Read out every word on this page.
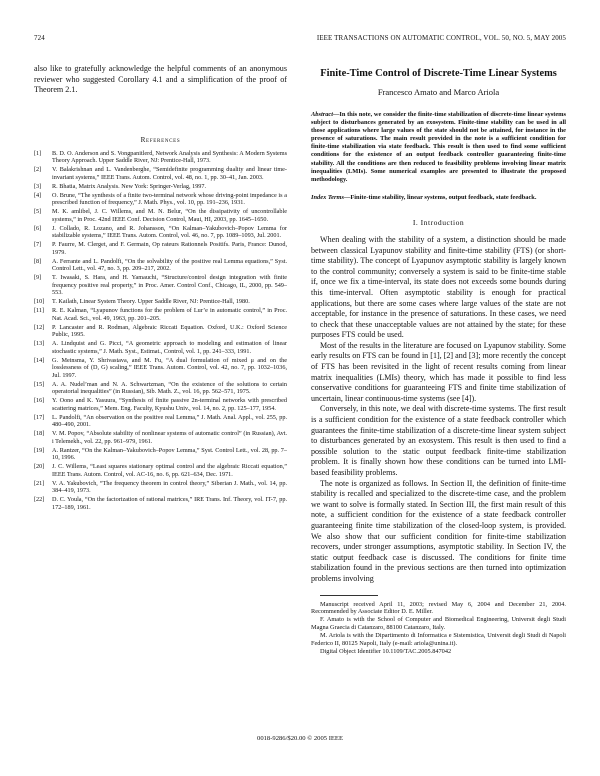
724	IEEE TRANSACTIONS ON AUTOMATIC CONTROL, VOL. 50, NO. 5, MAY 2005

also like to gratefully acknowledge the helpful comments of an anonymous reviewer who suggested Corollary 4.1 and a simplification of the proof of Theorem 2.1.

References

[1] B. D. O. Anderson and S. Vongpanitlerd, Network Analysis and Synthesis: A Modern Systems Theory Approach. Upper Saddle River, NJ: Prentice-Hall, 1973.

[2] V. Balakrishnan and L. Vandenberghe, “Semidefinite programming duality and linear time-invariant systems,” IEEE Trans. Autom. Control, vol. 48, no. 1, pp. 30–41, Jan. 2003.

[3] R. Bhatia, Matrix Analysis. New York: Springer-Verlag, 1997.

[4] O. Brune, “The synthesis of a finite two-terminal network whose driving-point impedance is a prescribed function of frequency,” J. Math. Phys., vol. 10, pp. 191–236, 1931.

[5] M. K. amlibel, J. C. Willems, and M. N. Belur, “On the dissipativity of uncontrollable systems,” in Proc. 42nd IEEE Conf. Decision Control, Maui, HI, 2003, pp. 1645–1650.

[6] J. Collado, R. Lozano, and R. Johansson, “On Kalman–Yakubovich–Popov Lemma for stabilizable systems,” IEEE Trans. Autom. Control, vol. 46, no. 7, pp. 1089–1093, Jul. 2001.

[7] P. Faurre, M. Clerget, and F. Germain, Op rateurs Rationnels Positifs. Paris, France: Dunod, 1979.

[8] A. Ferrante and L. Pandolfi, “On the solvability of the positive real Lemma equations,” Syst. Control Lett., vol. 47, no. 3, pp. 209–217, 2002.

[9] T. Iwasaki, S. Hara, and H. Yamauchi, “Structure/control design integration with finite frequency positive real property,” in Proc. Amer. Control Conf., Chicago, IL, 2000, pp. 549–553.

[10] T. Kailath, Linear System Theory. Upper Saddle River, NJ: Prentice-Hall, 1980.

[11] R. E. Kalman, “Lyapunov functions for the problem of Lur’e in automatic control,” in Proc. Nat. Acad. Sci., vol. 49, 1963, pp. 201–205.

[12] P. Lancaster and R. Rodman, Algebraic Riccati Equation. Oxford, U.K.: Oxford Science Public, 1995.

[13] A. Lindquist and G. Picci, “A geometric approach to modeling and estimation of linear stochastic systems,” J. Math. Syst., Estimat., Control, vol. 1, pp. 241–333, 1991.

[14] G. Meinsma, Y. Shrivastava, and M. Fu, “A dual formulation of mixed μ and on the losslessness of (D, G) scaling,” IEEE Trans. Autom. Control, vol. 42, no. 7, pp. 1032–1036, Jul. 1997.

[15] A. A. Nudel’man and N. A. Schwartzman, “On the existence of the solutions to certain operatorial inequalities” (in Russian), Sib. Math. Z., vol. 16, pp. 562–571, 1975.

[16] Y. Oono and K. Yasuura, “Synthesis of finite passive 2n-terminal networks with prescribed scattering matrices,” Mem. Eng. Faculty, Kyushu Univ., vol. 14, no. 2, pp. 125–177, 1954.

[17] L. Pandolfi, “An observation on the positive real Lemma,” J. Math. Anal. Appl., vol. 255, pp. 480–490, 2001.

[18] V. M. Popov, “Absolute stability of nonlinear systems of automatic control” (in Russian), Avt. i Telemekh., vol. 22, pp. 961–979, 1961.

[19] A. Rantzer, “On the Kalman–Yakubovich–Popov Lemma,” Syst. Control Lett., vol. 28, pp. 7–10, 1996.

[20] J. C. Willems, “Least squares stationary optimal control and the algebraic Riccati equation,” IEEE Trans. Autom. Control, vol. AC-16, no. 6, pp. 621–634, Dec. 1971.

[21] V. A. Yakubovich, “The frequency theorem in control theory,” Siberian J. Math., vol. 14, pp. 384–419, 1973.

[22] D. C. Youla, “On the factorization of rational matrices,” IRE Trans. Inf. Theory, vol. IT-7, pp. 172–189, 1961.

Finite-Time Control of Discrete-Time Linear Systems
Francesco Amato and Marco Ariola

Abstract—In this note, we consider the finite-time stabilization of discrete-time linear systems subject to disturbances generated by an exosystem. Finite-time stability can be used in all those applications where large values of the state should not be attained, for instance in the presence of saturations. The main result provided in the note is a sufficient condition for finite-time stabilization via state feedback. This result is then used to find some sufficient conditions for the existence of an output feedback controller guaranteeing finite-time stability. All the conditions are then reduced to feasibility problems involving linear matrix inequalities (LMIs). Some numerical examples are presented to illustrate the proposed methodology.

Index Terms—Finite-time stability, linear systems, output feedback, state feedback.

I. Introduction

When dealing with the stability of a system, a distinction should be made between classical Lyapunov stability and finite-time stability (FTS) (or short-time stability). The concept of Lyapunov asymptotic stability is largely known to the control community; conversely a system is said to be finite-time stable if, once we fix a time-interval, its state does not exceeds some bounds during this time-interval. Often asymptotic stability is enough for practical applications, but there are some cases where large values of the state are not acceptable, for instance in the presence of saturations. In these cases, we need to check that these unacceptable values are not attained by the state; for these purposes FTS could be used.

Most of the results in the literature are focused on Lyapunov stability. Some early results on FTS can be found in [1], [2] and [3]; more recently the concept of FTS has been revisited in the light of recent results coming from linear matrix inequalities (LMIs) theory, which has made it possible to find less conservative conditions for guaranteeing FTS and finite time stabilization of uncertain, linear continuous-time systems (see [4]).

Conversely, in this note, we deal with discrete-time systems. The first result is a sufficient condition for the existence of a state feedback controller which guarantees the finite-time stabilization of a discrete-time linear system subject to disturbances generated by an exosystem. This result is then used to find a possible solution to the static output feedback finite-time stabilization problem. It is finally shown how these conditions can be turned into LMI-based feasibility problems.

The note is organized as follows. In Section II, the definition of finite-time stability is recalled and specialized to the discrete-time case, and the problem we want to solve is formally stated. In Section III, the first main result of this note, a sufficient condition for the existence of a state feedback controller guaranteeing finite time stabilization of the closed-loop system, is provided. We also show that our sufficient condition for finite-time stabilization recovers, under stronger assumptions, asymptotic stability. In Section IV, the static output feedback case is discussed. The conditions for finite time stabilization found in the previous sections are then turned into optimization problems involving

Manuscript received April 11, 2003; revised May 6, 2004 and December 21, 2004. Recommended by Associate Editor D. E. Miller.

F. Amato is with the School of Computer and Biomedical Engineering, Universit degli Studi Magna Graecia di Catanzaro, 88100 Catanzaro, Italy.

M. Ariola is with the Dipartimento di Informatica e Sistemistica, Universit degli Studi di Napoli Federico II, 80125 Napoli, Italy (e-mail: ariola@unina.it).

Digital Object Identifier 10.1109/TAC.2005.847042

0018-9286/$20.00 © 2005 IEEE
